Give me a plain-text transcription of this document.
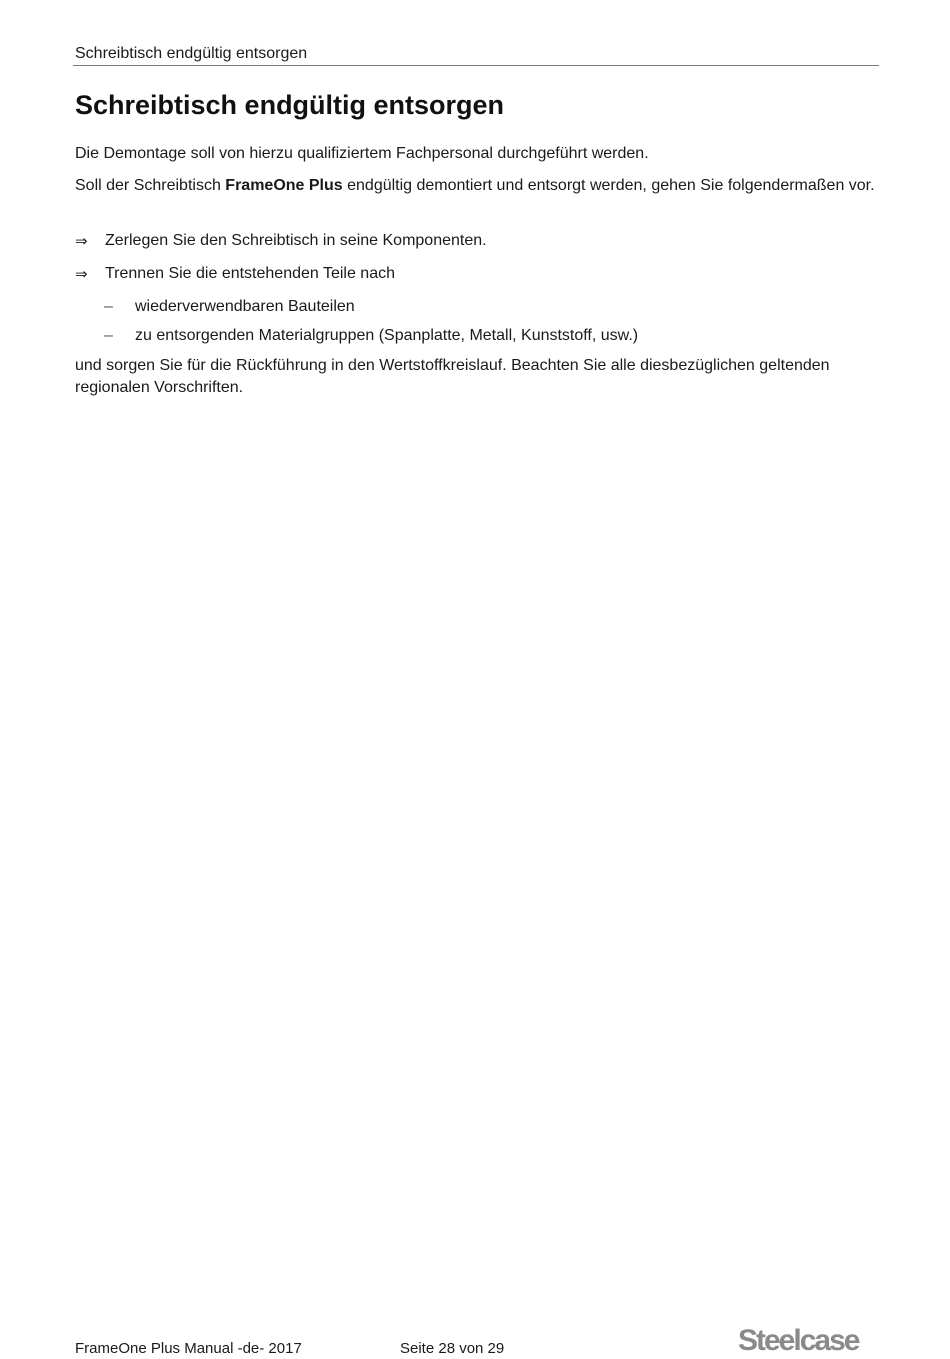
Schreibtisch endgültig entsorgen
Schreibtisch endgültig entsorgen

Die Demontage soll von hierzu qualifiziertem Fachpersonal durchgeführt werden.

Soll der Schreibtisch FrameOne Plus endgültig demontiert und entsorgt werden, gehen Sie folgendermaßen vor.

⇒	Zerlegen Sie den Schreibtisch in seine Komponenten.
⇒	Trennen Sie die entstehenden Teile nach
– wiederverwendbaren Bauteilen
– zu entsorgenden Materialgruppen (Spanplatte, Metall, Kunststoff, usw.)

und sorgen Sie für die Rückführung in den Wertstoffkreislauf. Beachten Sie alle diesbezüglichen geltenden regionalen Vorschriften.

FrameOne Plus Manual -de- 2017	Seite 28 von 29	Steelcase
